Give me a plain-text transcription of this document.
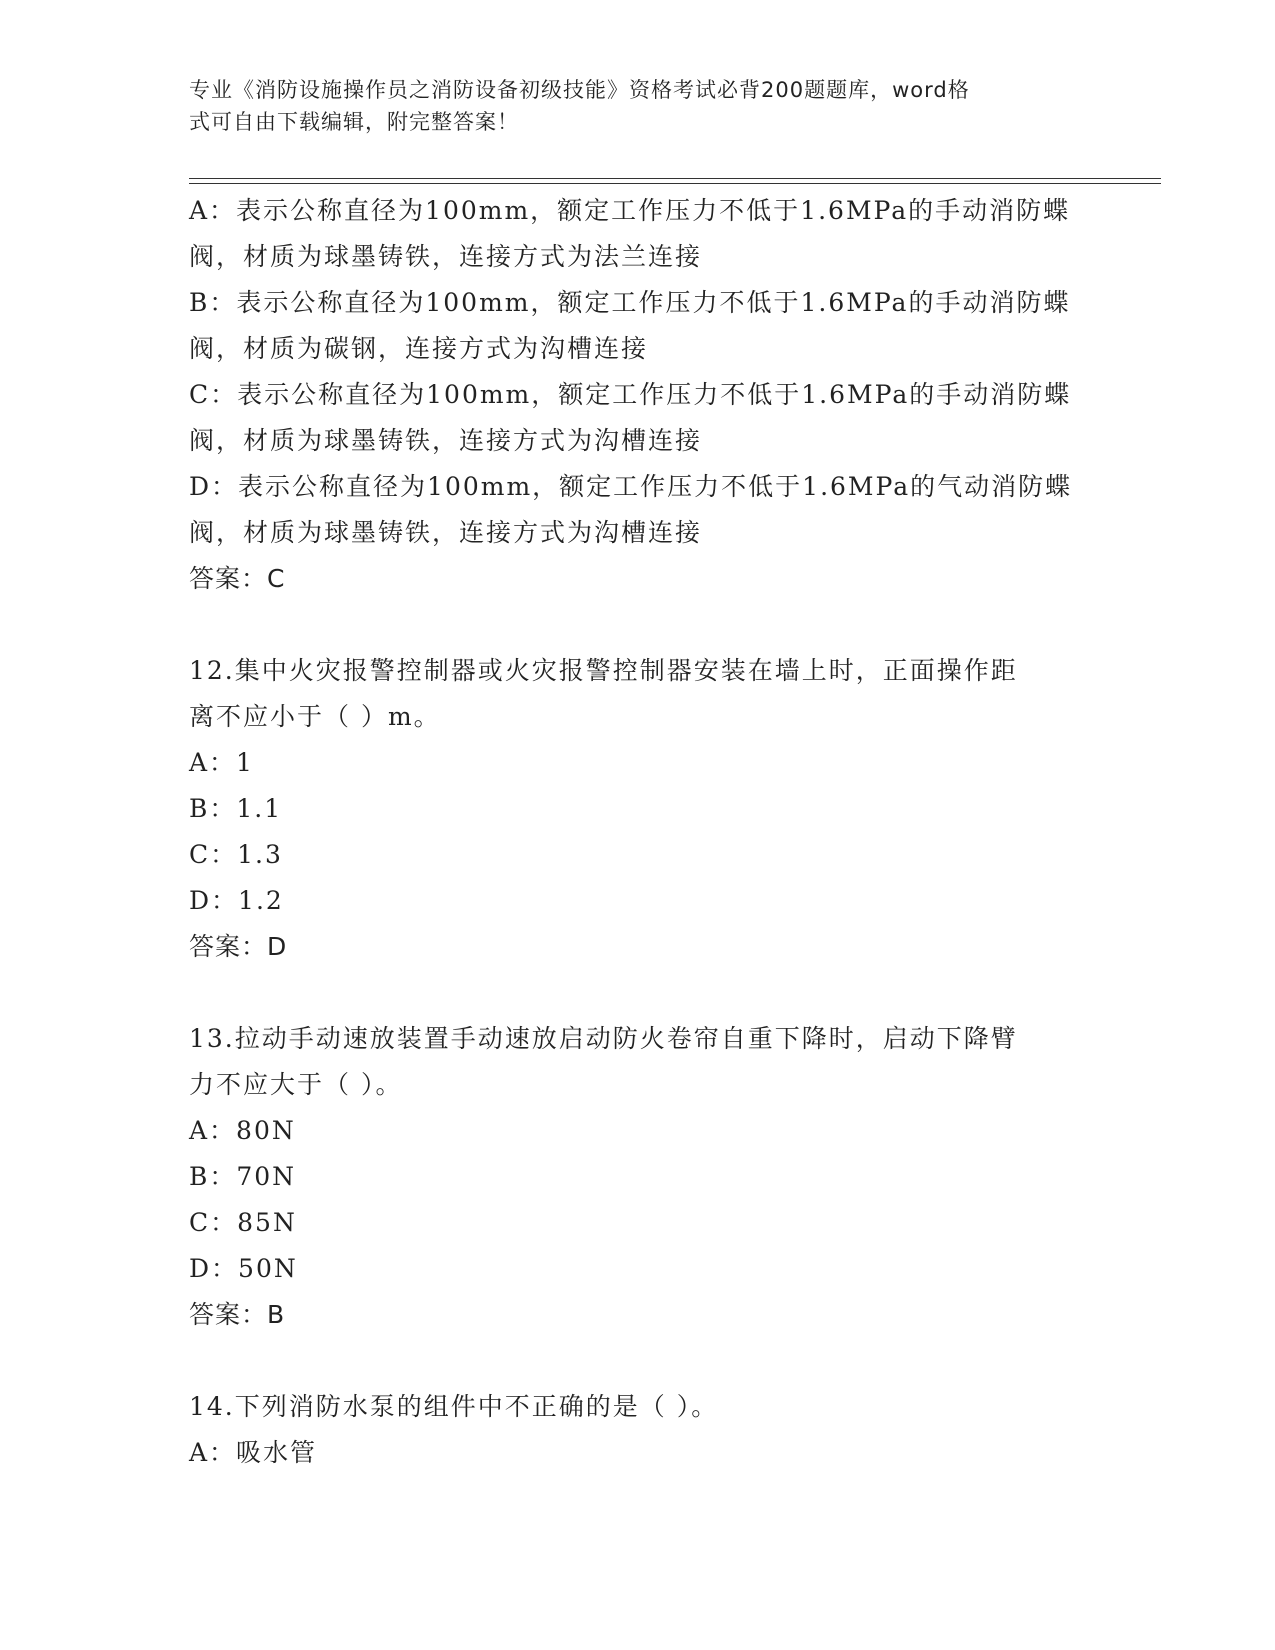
专业《消防设施操作员之消防设备初级技能》资格考试必背200题题库，word格
式可自由下载编辑，附完整答案！
A：表示公称直径为100mm，额定工作压力不低于1.6MPa的手动消防蝶
阀，材质为球墨铸铁，连接方式为法兰连接
B：表示公称直径为100mm，额定工作压力不低于1.6MPa的手动消防蝶
阀，材质为碳钢，连接方式为沟槽连接
C：表示公称直径为100mm，额定工作压力不低于1.6MPa的手动消防蝶
阀，材质为球墨铸铁，连接方式为沟槽连接
D：表示公称直径为100mm，额定工作压力不低于1.6MPa的气动消防蝶
阀，材质为球墨铸铁，连接方式为沟槽连接
答案：C
12.集中火灾报警控制器或火灾报警控制器安装在墙上时，正面操作距
离不应小于（ ）m。
A：1
B：1.1
C：1.3
D：1.2
答案：D
13.拉动手动速放装置手动速放启动防火卷帘自重下降时，启动下降臂
力不应大于（ ）。
A：80N
B：70N
C：85N
D：50N
答案：B
14.下列消防水泵的组件中不正确的是（ ）。
A：吸水管
